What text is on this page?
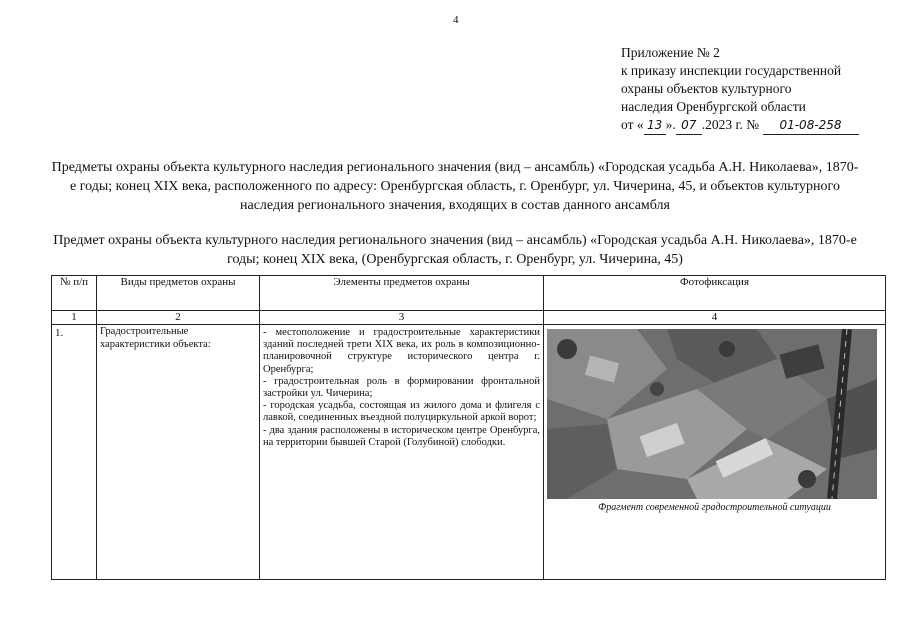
4
Приложение № 2
к приказу инспекции государственной
охраны объектов культурного
наследия Оренбургской области
от « 13 ». 07 .2023 г. № 01-08-258
Предметы охраны объекта культурного наследия регионального значения (вид – ансамбль) «Городская усадьба А.Н. Николаева», 1870-е годы; конец XIX века, расположенного по адресу: Оренбургская область, г. Оренбург, ул. Чичерина, 45, и объектов культурного наследия регионального значения, входящих в состав данного ансамбля
Предмет охраны объекта культурного наследия регионального значения (вид – ансамбль) «Городская усадьба А.Н. Николаева», 1870-е годы; конец XIX века, (Оренбургская область, г. Оренбург, ул. Чичерина, 45)
№ п/п	Виды предметов охраны	Элементы предметов охраны	Фотофиксация
1	2	3	4
1.	Градостроительные характеристики объекта:	- местоположение и градостроительные характеристики зданий последней трети XIX века, их роль в композиционно-планировочной структуре исторического центра г. Оренбурга;

- градостроительная роль в формировании фронтальной застройки ул. Чичерина;

- городская усадьба, состоящая из жилого дома и флигеля с лавкой, соединенных въездной полуциркульной аркой ворот;

- два здания расположены в историческом центре Оренбурга, на территории бывшей Старой (Голубиной) слободки.	Фрагмент современной градостроительной ситуации
